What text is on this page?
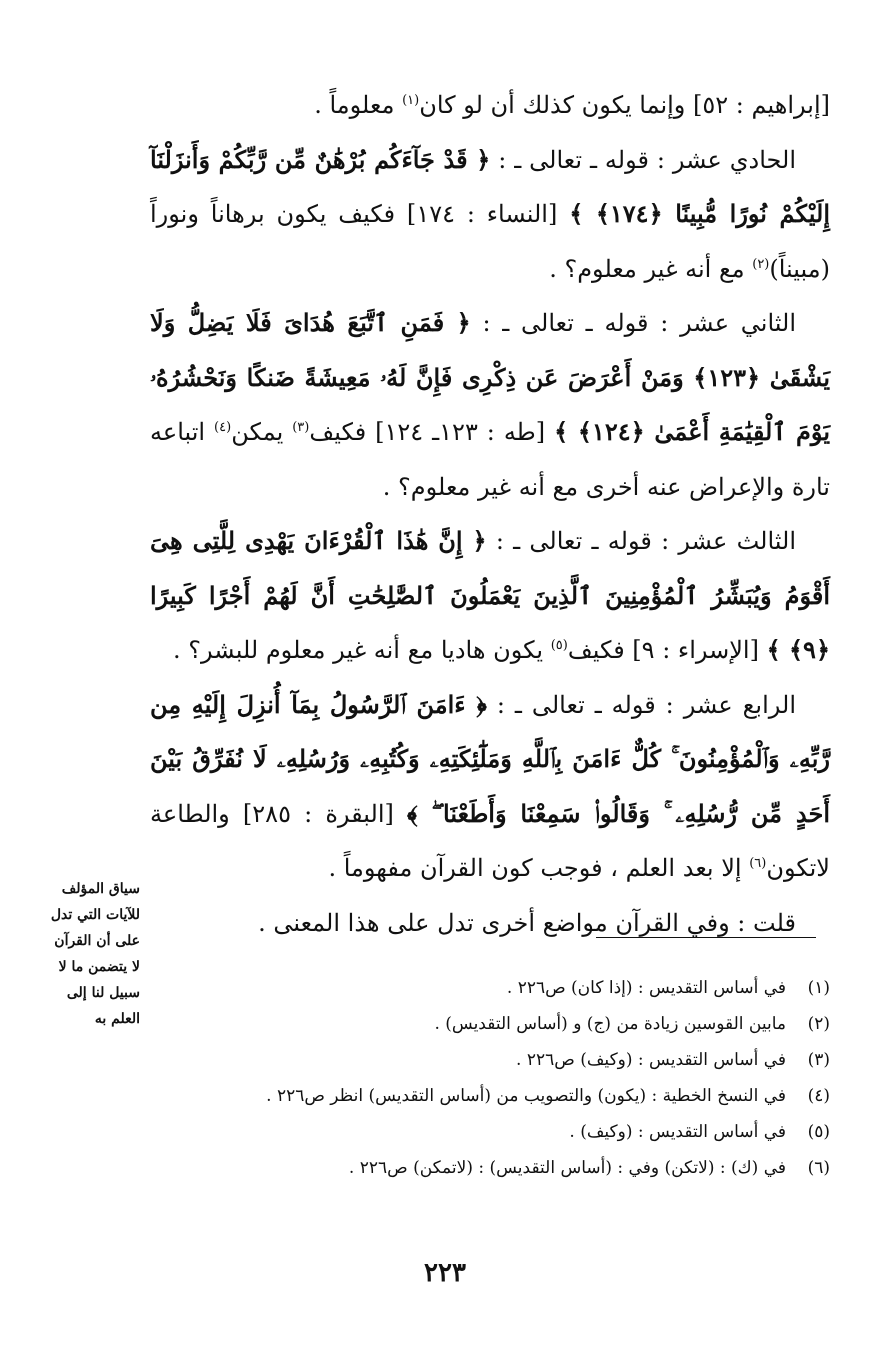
[إبراهيم : ٥٢] وإنما يكون كذلك أن لو كان$^{(١)}$ معلوماً .

الحادي عشر : قوله ـ تعالى ـ : ﴿ قَدْ جَآءَكُم بُرْهَٰنٌ مِّن رَّبِّكُمْ وَأَنزَلْنَآ إِلَيْكُمْ نُورًا مُّبِينًا ﴿١٧٤﴾ ﴾ [النساء : ١٧٤] فكيف يكون برهاناً ونوراً (مبيناً)$^{(٢)}$ مع أنه غير معلوم؟ .

الثاني عشر : قوله ـ تعالى ـ : ﴿ فَمَنِ ٱتَّبَعَ هُدَاىَ فَلَا يَضِلُّ وَلَا يَشْقَىٰ ﴿١٢٣﴾ وَمَنْ أَعْرَضَ عَن ذِكْرِى فَإِنَّ لَهُۥ مَعِيشَةً ضَنكًا وَنَحْشُرُهُۥ يَوْمَ ٱلْقِيَٰمَةِ أَعْمَىٰ ﴿١٢٤﴾ ﴾ [طه : ١٢٣ـ ١٢٤] فكيف$^{(٣)}$ يمكن$^{(٤)}$ اتباعه تارة والإعراض عنه أخرى مع أنه غير معلوم؟ .

الثالث عشر : قوله ـ تعالى ـ : ﴿ إِنَّ هَٰذَا ٱلْقُرْءَانَ يَهْدِى لِلَّتِى هِىَ أَقْوَمُ وَيُبَشِّرُ ٱلْمُؤْمِنِينَ ٱلَّذِينَ يَعْمَلُونَ ٱلصَّٰلِحَٰتِ أَنَّ لَهُمْ أَجْرًا كَبِيرًا ﴿٩﴾ ﴾ [الإسراء : ٩] فكيف$^{(٥)}$ يكون هاديا مع أنه غير معلوم للبشر؟ .

الرابع عشر : قوله ـ تعالى ـ : ﴿ ءَامَنَ ٱلرَّسُولُ بِمَآ أُنزِلَ إِلَيْهِ مِن رَّبِّهِۦ وَٱلْمُؤْمِنُونَ ۚ كُلٌّ ءَامَنَ بِٱللَّهِ وَمَلَٰٓئِكَتِهِۦ وَكُتُبِهِۦ وَرُسُلِهِۦ لَا نُفَرِّقُ بَيْنَ أَحَدٍ مِّن رُّسُلِهِۦ ۚ وَقَالُوا۟ سَمِعْنَا وَأَطَعْنَا ۖ ﴾ [البقرة : ٢٨٥] والطاعة لاتكون$^{(٦)}$ إلا بعد العلم ، فوجب كون القرآن مفهوماً .

قلت : وفي القرآن مواضع أخرى تدل على هذا المعنى .

سياق المؤلف
للآيات التي تدل
على أن القرآن
لا يتضمن ما لا
سبيل لنا إلى
العلم به
(١)في أساس التقديس : (إذا كان) ص٢٢٦ .
(٢)مابين القوسين زيادة من (ج) و (أساس التقديس) .
(٣)في أساس التقديس : (وكيف) ص٢٢٦ .
(٤)في النسخ الخطية : (يكون) والتصويب من (أساس التقديس) انظر ص٢٢٦ .
(٥)في أساس التقديس : (وكيف) .
(٦)في (ك) : (لاتكن) وفي : (أساس التقديس) : (لاتمكن) ص٢٢٦ .
٢٢٣
